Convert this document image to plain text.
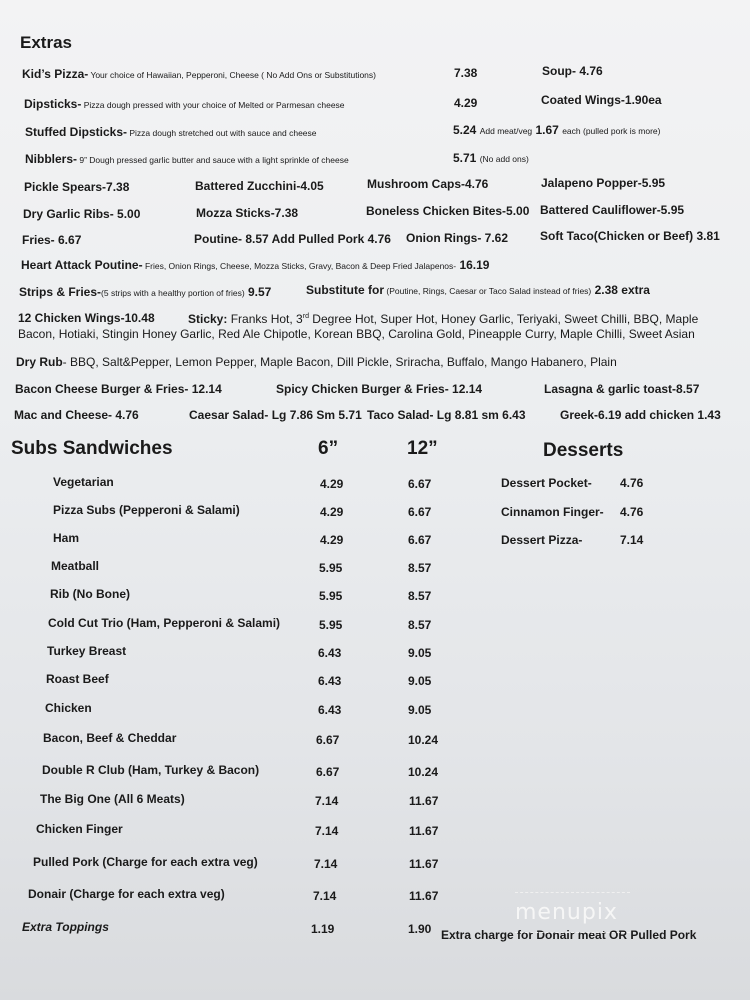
Extras
Kid’s Pizza- Your choice of Hawaiian, Pepperoni, Cheese ( No Add Ons or Substitutions)	7.38	Soup- 4.76
Dipsticks- Pizza dough pressed with your choice of Melted or Parmesan cheese	4.29	Coated Wings-1.90ea
Stuffed Dipsticks- Pizza dough stretched out with sauce and cheese	5.24 Add meat/veg 1.67 each (pulled pork is more)
Nibblers- 9” Dough pressed garlic butter and sauce with a light sprinkle of cheese	5.71 (No add ons)
Pickle Spears-7.38	Battered Zucchini-4.05	Mushroom Caps-4.76	Jalapeno Popper-5.95
Dry Garlic Ribs- 5.00	Mozza Sticks-7.38	Boneless Chicken Bites-5.00 Battered Cauliflower-5.95
Fries- 6.67	Poutine- 8.57 Add Pulled Pork 4.76 Onion Rings- 7.62	Soft Taco(Chicken or Beef) 3.81
Heart Attack Poutine- Fries, Onion Rings, Cheese, Mozza Sticks, Gravy, Bacon & Deep Fried Jalapenos- 16.19
Strips & Fries-(5 strips with a healthy portion of fries) 9.57	Substitute for (Poutine, Rings, Caesar or Taco Salad instead of fries) 2.38 extra
12 Chicken Wings-10.48	Sticky: Franks Hot, 3rd Degree Hot, Super Hot, Honey Garlic, Teriyaki, Sweet Chilli, BBQ, Maple
Bacon, Hotiaki, Stingin Honey Garlic, Red Ale Chipotle, Korean BBQ, Carolina Gold, Pineapple Curry, Maple Chilli, Sweet Asian
Dry Rub- BBQ, Salt&Pepper, Lemon Pepper, Maple Bacon, Dill Pickle, Sriracha, Buffalo, Mango Habanero, Plain
Bacon Cheese Burger & Fries- 12.14	Spicy Chicken Burger & Fries- 12.14	Lasagna & garlic toast-8.57
Mac and Cheese- 4.76	Caesar Salad- Lg 7.86 Sm 5.71 Taco Salad- Lg 8.81 sm 6.43	Greek-6.19 add chicken 1.43
Subs Sandwiches	6”	12”
Vegetarian	4.29	6.67
Pizza Subs (Pepperoni & Salami)	4.29	6.67
Ham	4.29	6.67
Meatball	5.95	8.57
Rib (No Bone)	5.95	8.57
Cold Cut Trio (Ham, Pepperoni & Salami)	5.95	8.57
Turkey Breast	6.43	9.05
Roast Beef	6.43	9.05
Chicken	6.43	9.05
Bacon, Beef & Cheddar	6.67	10.24
Double R Club (Ham, Turkey & Bacon)	6.67	10.24
The Big One (All 6 Meats)	7.14	11.67
Chicken Finger	7.14	11.67
Pulled Pork (Charge for each extra veg)	7.14	11.67
Donair (Charge for each extra veg)	7.14	11.67
Extra Toppings	1.19	1.90 Extra charge for Donair meat OR Pulled Pork
Desserts
Dessert Pocket- 4.76
Cinnamon Finger- 4.76
Dessert Pizza-	7.14
menupix
